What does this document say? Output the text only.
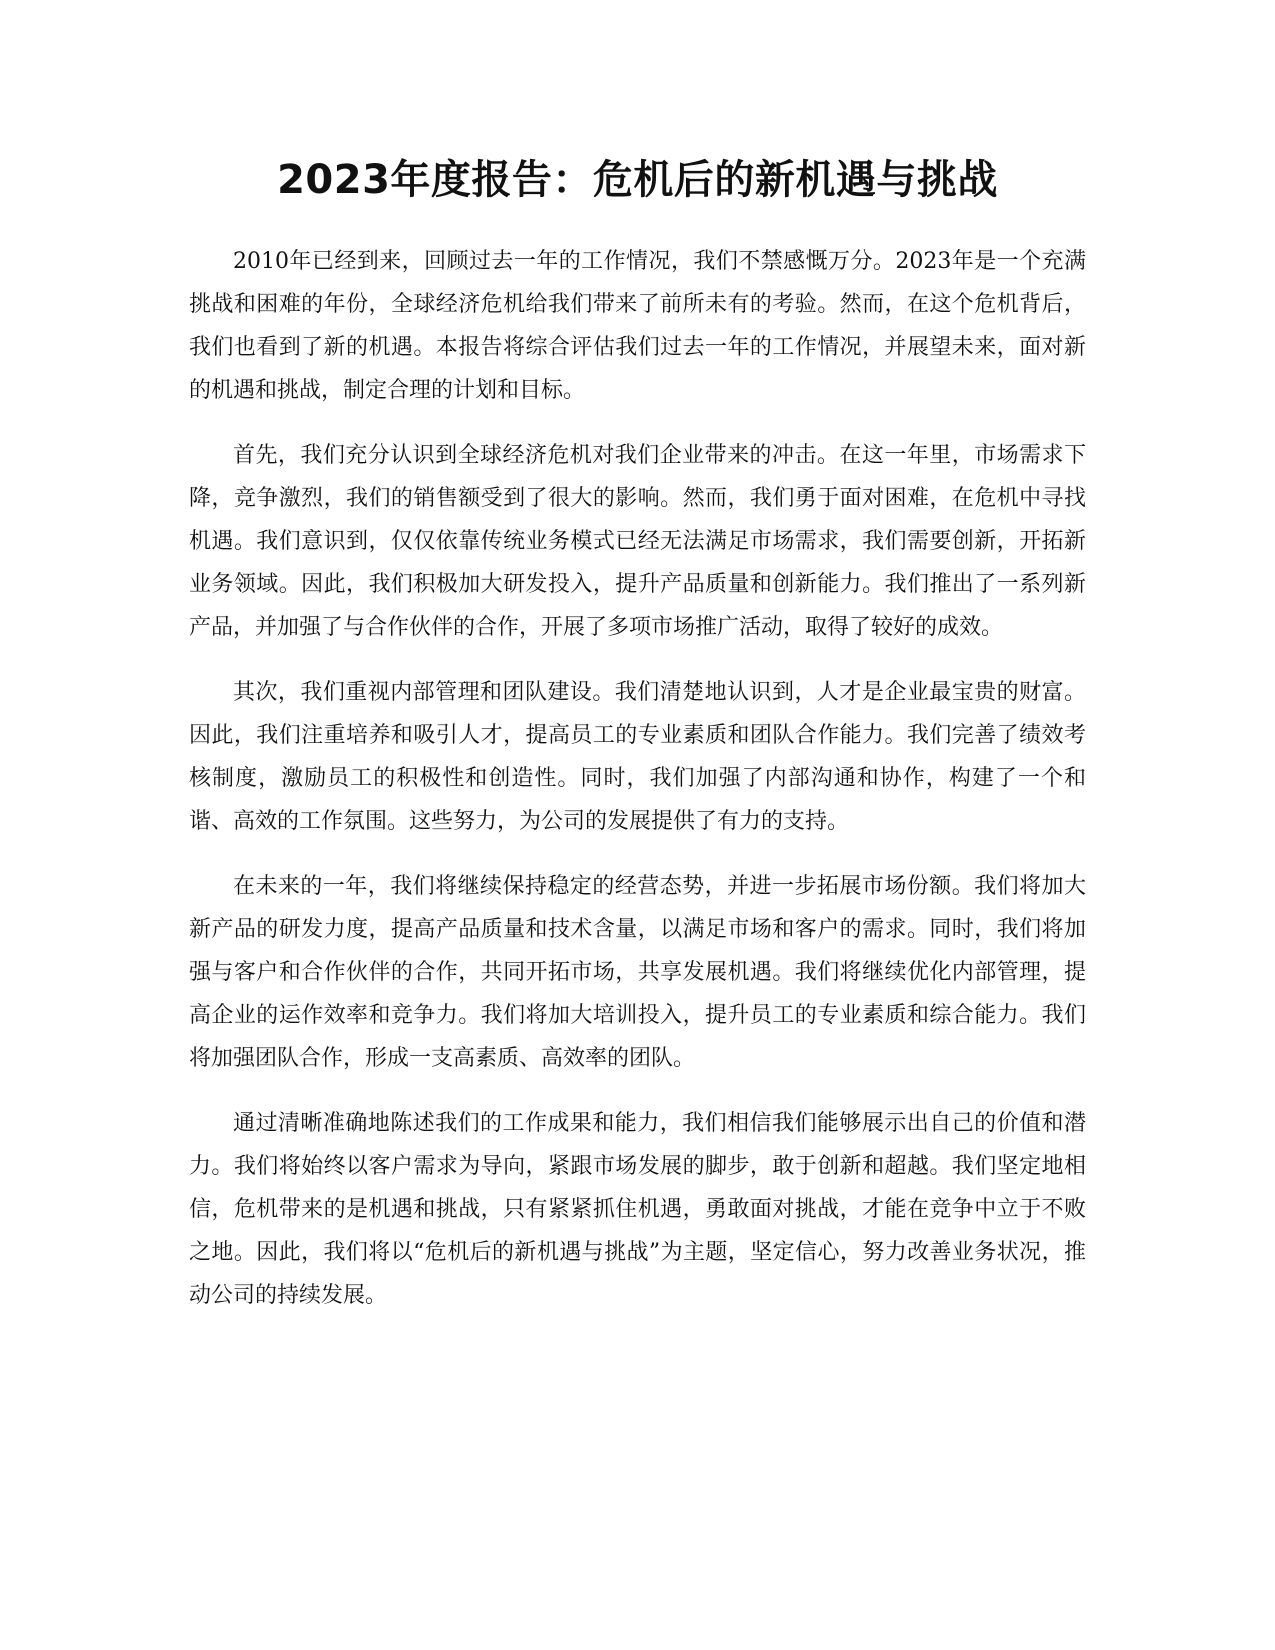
2023年度报告：危机后的新机遇与挑战

2010年已经到来，回顾过去一年的工作情况，我们不禁感慨万分。2023年是一个充满挑战和困难的年份，全球经济危机给我们带来了前所未有的考验。然而，在这个危机背后，我们也看到了新的机遇。本报告将综合评估我们过去一年的工作情况，并展望未来，面对新的机遇和挑战，制定合理的计划和目标。

首先，我们充分认识到全球经济危机对我们企业带来的冲击。在这一年里，市场需求下降，竞争激烈，我们的销售额受到了很大的影响。然而，我们勇于面对困难，在危机中寻找机遇。我们意识到，仅仅依靠传统业务模式已经无法满足市场需求，我们需要创新，开拓新业务领域。因此，我们积极加大研发投入，提升产品质量和创新能力。我们推出了一系列新产品，并加强了与合作伙伴的合作，开展了多项市场推广活动，取得了较好的成效。

其次，我们重视内部管理和团队建设。我们清楚地认识到，人才是企业最宝贵的财富。因此，我们注重培养和吸引人才，提高员工的专业素质和团队合作能力。我们完善了绩效考核制度，激励员工的积极性和创造性。同时，我们加强了内部沟通和协作，构建了一个和谐、高效的工作氛围。这些努力，为公司的发展提供了有力的支持。

在未来的一年，我们将继续保持稳定的经营态势，并进一步拓展市场份额。我们将加大新产品的研发力度，提高产品质量和技术含量，以满足市场和客户的需求。同时，我们将加强与客户和合作伙伴的合作，共同开拓市场，共享发展机遇。我们将继续优化内部管理，提高企业的运作效率和竞争力。我们将加大培训投入，提升员工的专业素质和综合能力。我们将加强团队合作，形成一支高素质、高效率的团队。

通过清晰准确地陈述我们的工作成果和能力，我们相信我们能够展示出自己的价值和潜力。我们将始终以客户需求为导向，紧跟市场发展的脚步，敢于创新和超越。我们坚定地相信，危机带来的是机遇和挑战，只有紧紧抓住机遇，勇敢面对挑战，才能在竞争中立于不败之地。因此，我们将以“危机后的新机遇与挑战”为主题，坚定信心，努力改善业务状况，推动公司的持续发展。
